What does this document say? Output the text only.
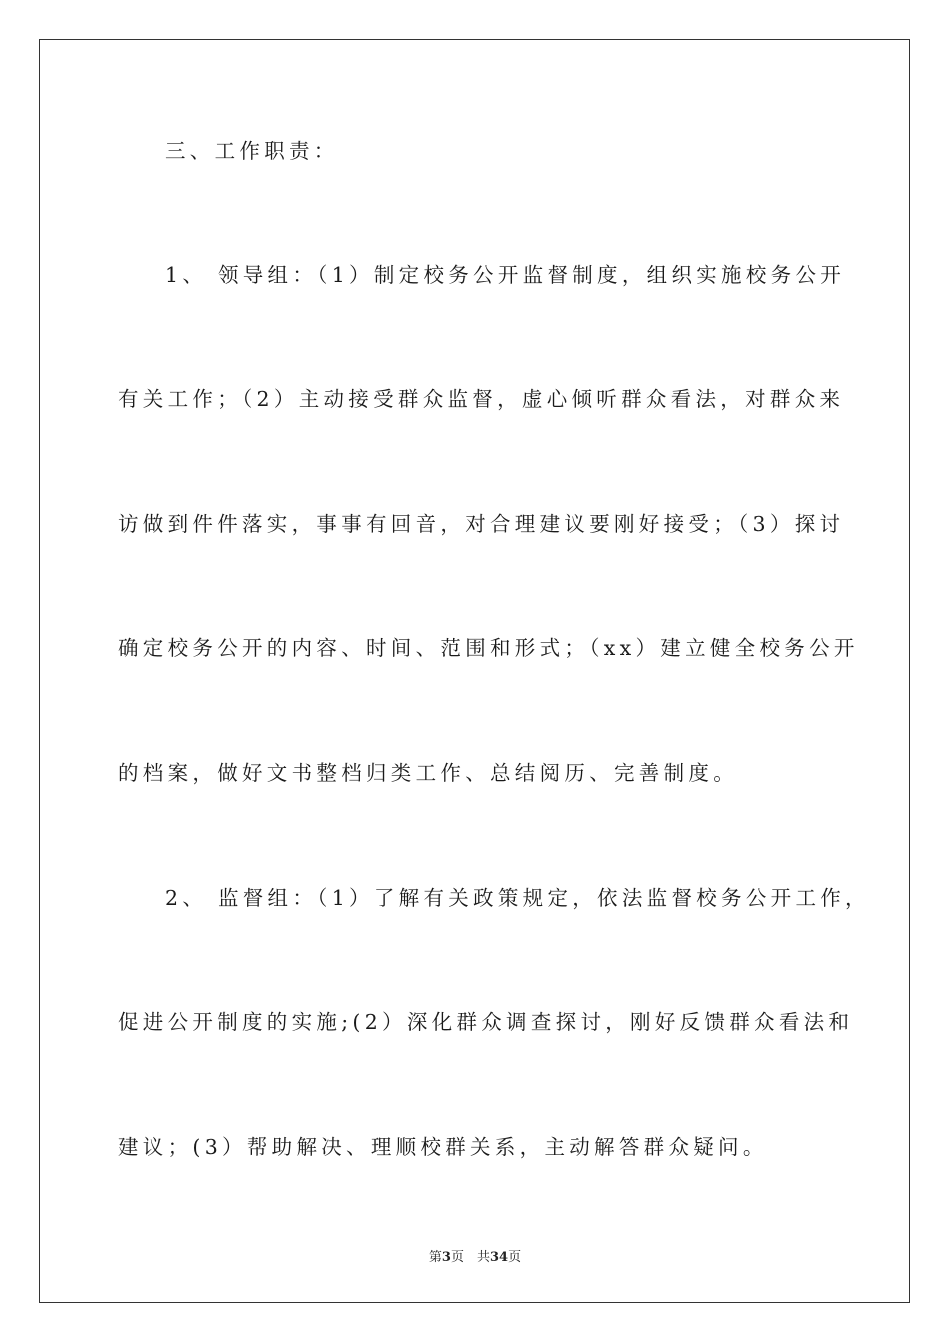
三、工作职责：
1、 领导组：（1）制定校务公开监督制度，组织实施校务公开
有关工作；（2）主动接受群众监督，虚心倾听群众看法，对群众来
访做到件件落实，事事有回音，对合理建议要刚好接受；（3）探讨
确定校务公开的内容、时间、范围和形式；（xx）建立健全校务公开
的档案，做好文书整档归类工作、总结阅历、完善制度。
2、 监督组：（1）了解有关政策规定，依法监督校务公开工作，
促进公开制度的实施;(2）深化群众调查探讨，刚好反馈群众看法和
建议；(3）帮助解决、理顺校群关系，主动解答群众疑问。
第3页　共34页
